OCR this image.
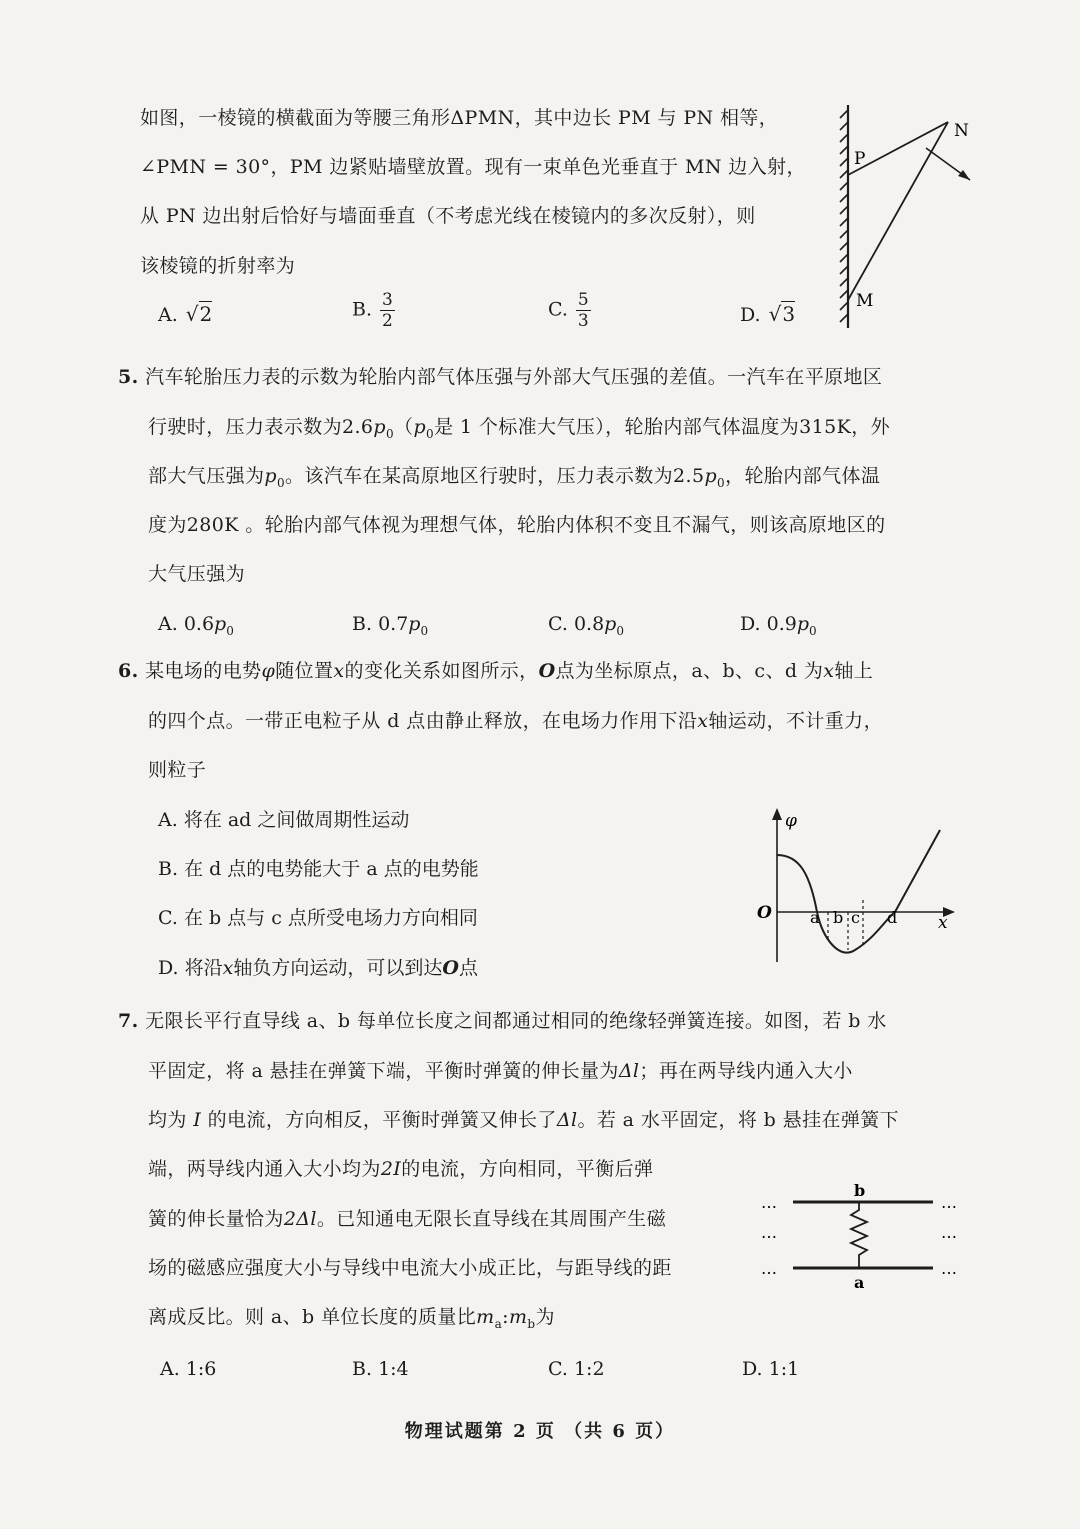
如图，一棱镜的横截面为等腰三角形ΔPMN，其中边长 PM 与 PN 相等，
∠PMN = 30°，PM 边紧贴墙壁放置。现有一束单色光垂直于 MN 边入射，
从 PN 边出射后恰好与墙面垂直（不考虑光线在棱镜内的多次反射），则
该棱镜的折射率为
A. √2	B. $\frac{3}{2}$	C. $\frac{5}{3}$	D. √3
P
N
M
5. 汽车轮胎压力表的示数为轮胎内部气体压强与外部大气压强的差值。一汽车在平原地区
行驶时，压力表示数为$2.6p_0(p_0$是 1 个标准大气压），轮胎内部气体温度为315K，外
部大气压强为$p_0$。该汽车在某高原地区行驶时，压力表示数为$2.5p_0$，轮胎内部气体温
度为280K 。轮胎内部气体视为理想气体，轮胎内体积不变且不漏气，则该高原地区的
大气压强为
A. $0.6p_0$	B. $0.7p_0$	C. $0.8p_0$	D. $0.9p_0$
6. 某电场的电势φ随位置x的变化关系如图所示，O点为坐标原点，a、b、c、d 为x轴上
的四个点。一带正电粒子从 d 点由静止释放，在电场力作用下沿x轴运动，不计重力，
则粒子
A. 将在 ad 之间做周期性运动
B. 在 d 点的电势能大于 a 点的电势能
C. 在 b 点与 c 点所受电场力方向相同
D. 将沿x轴负方向运动，可以到达O点
φ
O	x
a b c d
7. 无限长平行直导线 a、b 每单位长度之间都通过相同的绝缘轻弹簧连接。如图，若 b 水
平固定，将 a 悬挂在弹簧下端，平衡时弹簧的伸长量为Δl；再在两导线内通入大小
均为 I 的电流，方向相反，平衡时弹簧又伸长了Δl。若 a 水平固定，将 b 悬挂在弹簧下
端，两导线内通入大小均为2I的电流，方向相同，平衡后弹
簧的伸长量恰为2Δl。已知通电无限长直导线在其周围产生磁
场的磁感应强度大小与导线中电流大小成正比，与距导线的距
离成反比。则 a、b 单位长度的质量比$m_a:m_b$为
A. 1:6	B. 1:4	C. 1:2	D. 1:1
…	…
…	…
…	…
b
a
物理试题第 2 页 （共 6 页）
